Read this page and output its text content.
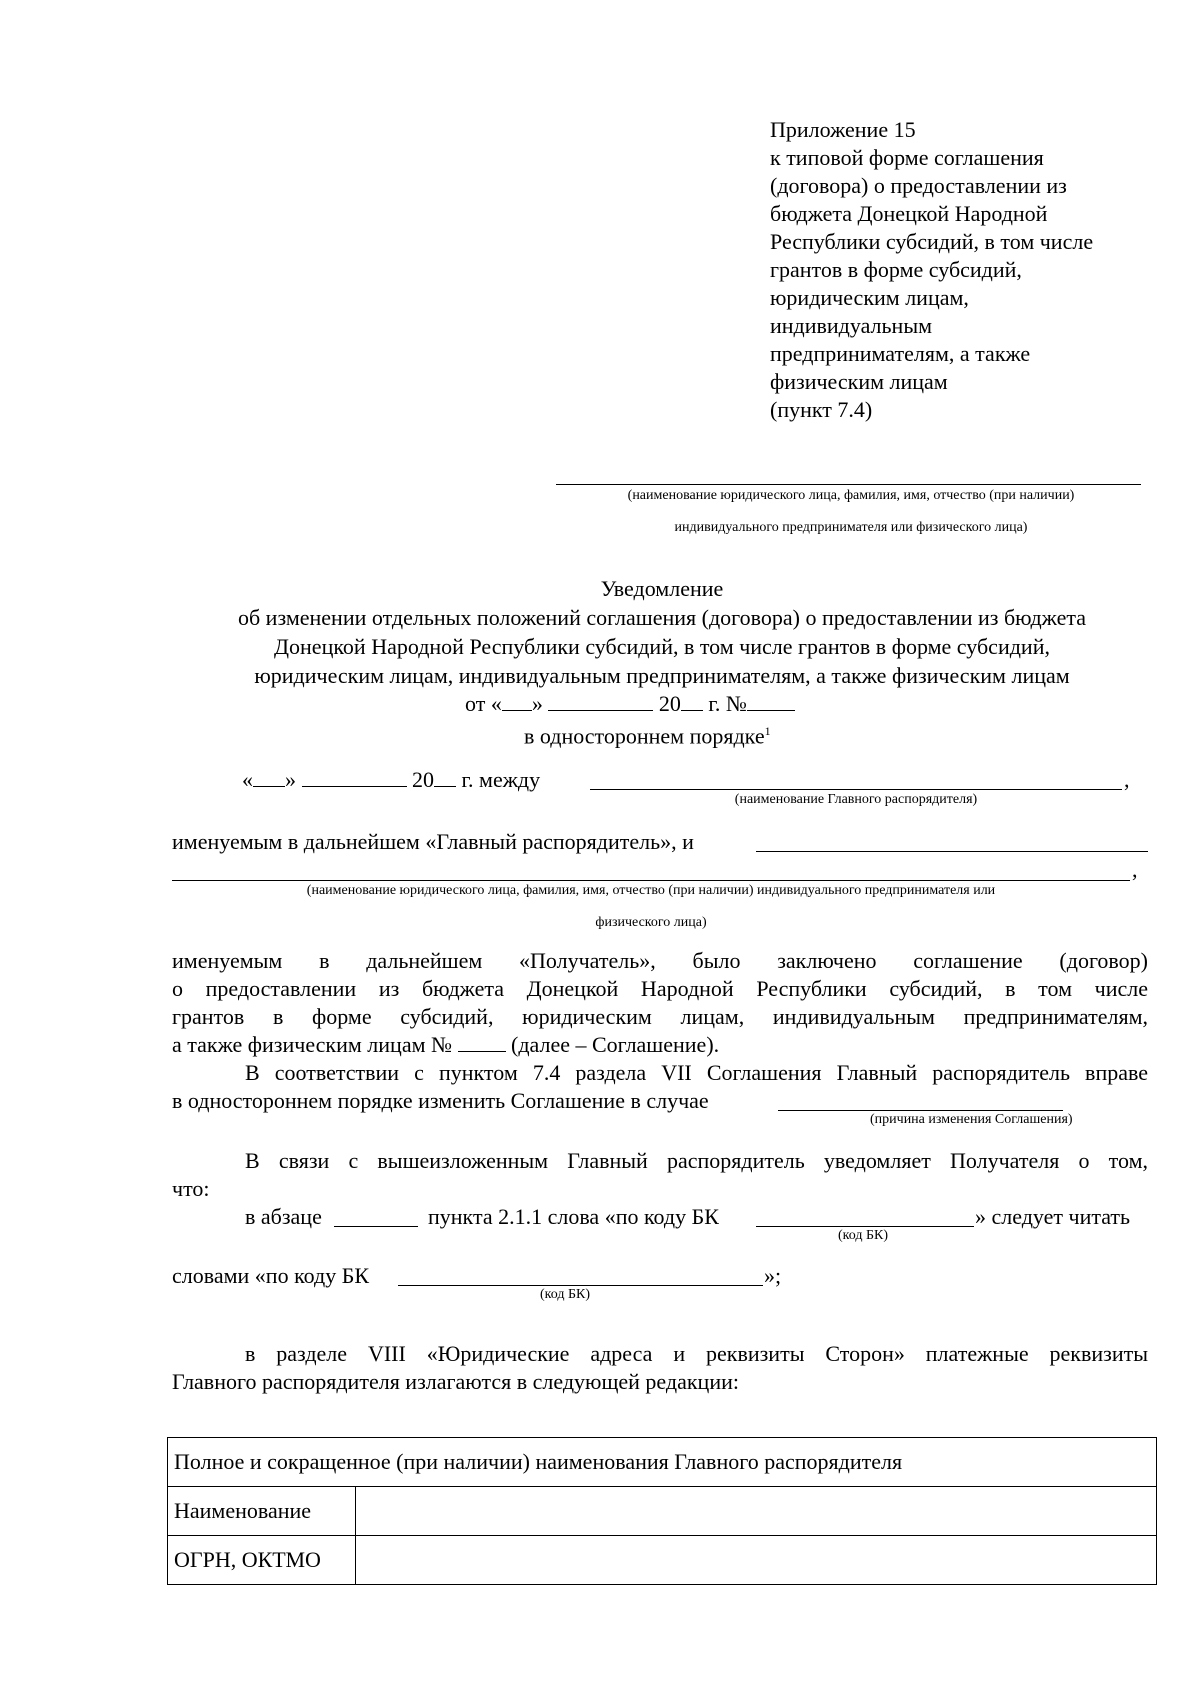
Приложение 15
к типовой форме соглашения
(договора) о предоставлении из
бюджета Донецкой Народной
Республики субсидий, в том числе
грантов в форме субсидий,
юридическим лицам,
индивидуальным
предпринимателям, а также
физическим лицам
(пункт 7.4)
(наименование юридического лица, фамилия, имя, отчество (при наличии)
индивидуального предпринимателя или физического лица)
Уведомление
об изменении отдельных положений соглашения (договора) о предоставлении из бюджета
Донецкой Народной Республики субсидий, в том числе грантов в форме субсидий,
юридическим лицам, индивидуальным предпринимателям, а также физическим лицам
от « »	20 г. №
в одностороннем порядке$^1$
« »	20 г. между	,
(наименование Главного распорядителя)
именуемым в дальнейшем «Главный распорядитель», и
,
(наименование юридического лица, фамилия, имя, отчество (при наличии) индивидуального предпринимателя или
физического лица)
именуемым в дальнейшем «Получатель», было заключено соглашение (договор)
о предоставлении из бюджета Донецкой Народной Республики субсидий, в том числе
грантов в форме субсидий, юридическим лицам, индивидуальным предпринимателям,
а также физическим лицам №	(далее – Соглашение).
В соответствии с пунктом 7.4 раздела VII Соглашения Главный распорядитель вправе
в одностороннем порядке изменить Соглашение в случае
(причина изменения Соглашения)
В связи с вышеизложенным Главный распорядитель уведомляет Получателя о том,
что:
в абзаце	пункта 2.1.1 слова «по коду БК	» следует читать
(код БК)
словами «по коду БК	»;
(код БК)
в разделе VIII «Юридические адреса и реквизиты Сторон» платежные реквизиты
Главного распорядителя излагаются в следующей редакции:
Полное и сокращенное (при наличии) наименования Главного распорядителя	
Наименование	
ОГРН, ОКТМО	
